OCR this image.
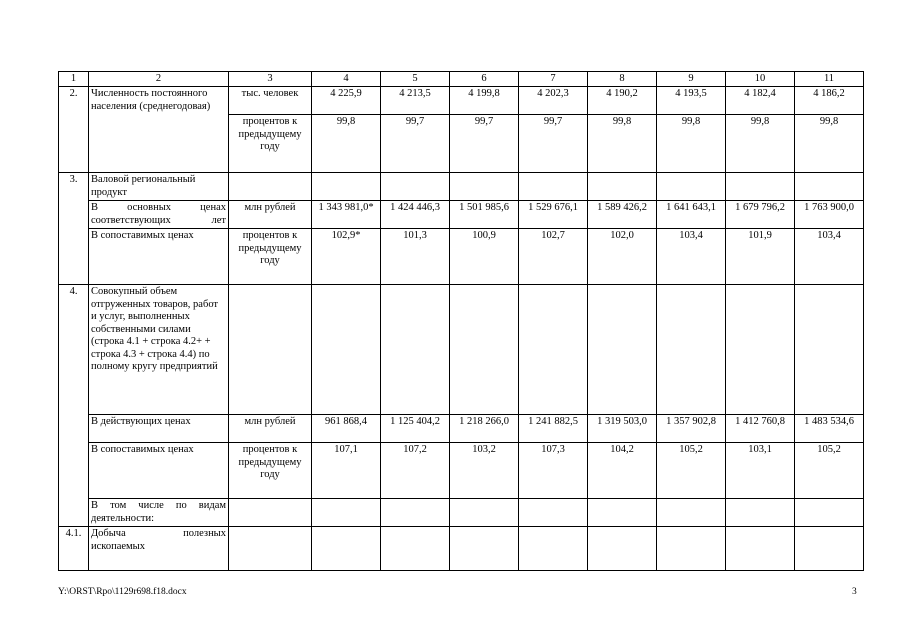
1	2	3	4	5	6	7	8	9	10	11
2.	Численность постоянного населения (среднегодовая)	тыс. человек	4 225,9	4 213,5	4 199,8	4 202,3	4 190,2	4 193,5	4 182,4	4 186,2
		процентов к предыдущему году	99,8	99,7	99,7	99,7	99,8	99,8	99,8	99,8
3.	Валовой региональный продукт									
	В основных ценах соответствующих лет	млн рублей	1 343 981,0*	1 424 446,3	1 501 985,6	1 529 676,1	1 589 426,2	1 641 643,1	1 679 796,2	1 763 900,0
	В сопоставимых ценах	процентов к предыдущему году	102,9*	101,3	100,9	102,7	102,0	103,4	101,9	103,4
4.	Совокупный объем отгруженных товаров, работ и услуг, выполненных собственными силами (строка 4.1 + строка 4.2+ + строка 4.3 + строка 4.4) по полному кругу предприятий									
	В действующих ценах	млн рублей	961 868,4	1 125 404,2	1 218 266,0	1 241 882,5	1 319 503,0	1 357 902,8	1 412 760,8	1 483 534,6
	В сопоставимых ценах	процентов к предыдущему году	107,1	107,2	103,2	107,3	104,2	105,2	103,1	105,2
	В том числе по видам деятельности:									
4.1.	Добыча полезных ископаемых									
Y:\ORST\Rpo\1129r698.f18.docx	3
